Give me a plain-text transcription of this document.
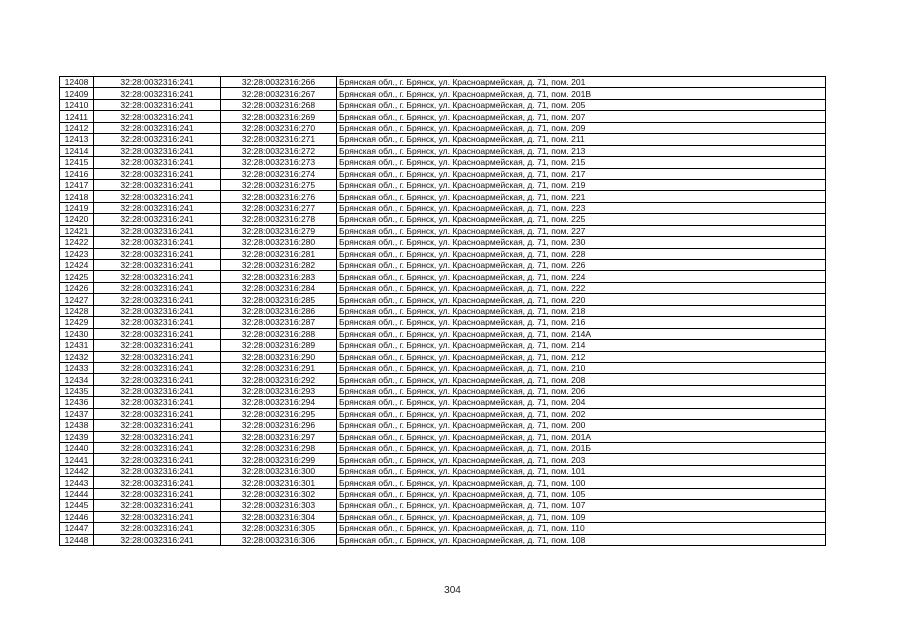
12408	32:28:0032316:241	32:28:0032316:266	Брянская обл., г. Брянск, ул. Красноармейская, д. 71, пом. 201
12409	32:28:0032316:241	32:28:0032316:267	Брянская обл., г. Брянск, ул. Красноармейская, д. 71, пом. 201В
12410	32:28:0032316:241	32:28:0032316:268	Брянская обл., г. Брянск, ул. Красноармейская, д. 71, пом. 205
12411	32:28:0032316:241	32:28:0032316:269	Брянская обл., г. Брянск, ул. Красноармейская, д. 71, пом. 207
12412	32:28:0032316:241	32:28:0032316:270	Брянская обл., г. Брянск, ул. Красноармейская, д. 71, пом. 209
12413	32:28:0032316:241	32:28:0032316:271	Брянская обл., г. Брянск, ул. Красноармейская, д. 71, пом. 211
12414	32:28:0032316:241	32:28:0032316:272	Брянская обл., г. Брянск, ул. Красноармейская, д. 71, пом. 213
12415	32:28:0032316:241	32:28:0032316:273	Брянская обл., г. Брянск, ул. Красноармейская, д. 71, пом. 215
12416	32:28:0032316:241	32:28:0032316:274	Брянская обл., г. Брянск, ул. Красноармейская, д. 71, пом. 217
12417	32:28:0032316:241	32:28:0032316:275	Брянская обл., г. Брянск, ул. Красноармейская, д. 71, пом. 219
12418	32:28:0032316:241	32:28:0032316:276	Брянская обл., г. Брянск, ул. Красноармейская, д. 71, пом. 221
12419	32:28:0032316:241	32:28:0032316:277	Брянская обл., г. Брянск, ул. Красноармейская, д. 71, пом. 223
12420	32:28:0032316:241	32:28:0032316:278	Брянская обл., г. Брянск, ул. Красноармейская, д. 71, пом. 225
12421	32:28:0032316:241	32:28:0032316:279	Брянская обл., г. Брянск, ул. Красноармейская, д. 71, пом. 227
12422	32:28:0032316:241	32:28:0032316:280	Брянская обл., г. Брянск, ул. Красноармейская, д. 71, пом. 230
12423	32:28:0032316:241	32:28:0032316:281	Брянская обл., г. Брянск, ул. Красноармейская, д. 71, пом. 228
12424	32:28:0032316:241	32:28:0032316:282	Брянская обл., г. Брянск, ул. Красноармейская, д. 71, пом. 226
12425	32:28:0032316:241	32:28:0032316:283	Брянская обл., г. Брянск, ул. Красноармейская, д. 71, пом. 224
12426	32:28:0032316:241	32:28:0032316:284	Брянская обл., г. Брянск, ул. Красноармейская, д. 71, пом. 222
12427	32:28:0032316:241	32:28:0032316:285	Брянская обл., г. Брянск, ул. Красноармейская, д. 71, пом. 220
12428	32:28:0032316:241	32:28:0032316:286	Брянская обл., г. Брянск, ул. Красноармейская, д. 71, пом. 218
12429	32:28:0032316:241	32:28:0032316:287	Брянская обл., г. Брянск, ул. Красноармейская, д. 71, пом. 216
12430	32:28:0032316:241	32:28:0032316:288	Брянская обл., г. Брянск, ул. Красноармейская, д. 71, пом. 214А
12431	32:28:0032316:241	32:28:0032316:289	Брянская обл., г. Брянск, ул. Красноармейская, д. 71, пом. 214
12432	32:28:0032316:241	32:28:0032316:290	Брянская обл., г. Брянск, ул. Красноармейская, д. 71, пом. 212
12433	32:28:0032316:241	32:28:0032316:291	Брянская обл., г. Брянск, ул. Красноармейская, д. 71, пом. 210
12434	32:28:0032316:241	32:28:0032316:292	Брянская обл., г. Брянск, ул. Красноармейская, д. 71, пом. 208
12435	32:28:0032316:241	32:28:0032316:293	Брянская обл., г. Брянск, ул. Красноармейская, д. 71, пом. 206
12436	32:28:0032316:241	32:28:0032316:294	Брянская обл., г. Брянск, ул. Красноармейская, д. 71, пом. 204
12437	32:28:0032316:241	32:28:0032316:295	Брянская обл., г. Брянск, ул. Красноармейская, д. 71, пом. 202
12438	32:28:0032316:241	32:28:0032316:296	Брянская обл., г. Брянск, ул. Красноармейская, д. 71, пом. 200
12439	32:28:0032316:241	32:28:0032316:297	Брянская обл., г. Брянск, ул. Красноармейская, д. 71, пом. 201А
12440	32:28:0032316:241	32:28:0032316:298	Брянская обл., г. Брянск, ул. Красноармейская, д. 71, пом. 201Б
12441	32:28:0032316:241	32:28:0032316:299	Брянская обл., г. Брянск, ул. Красноармейская, д. 71, пом. 203
12442	32:28:0032316:241	32:28:0032316:300	Брянская обл., г. Брянск, ул. Красноармейская, д. 71, пом. 101
12443	32:28:0032316:241	32:28:0032316:301	Брянская обл., г. Брянск, ул. Красноармейская, д. 71, пом. 100
12444	32:28:0032316:241	32:28:0032316:302	Брянская обл., г. Брянск, ул. Красноармейская, д. 71, пом. 105
12445	32:28:0032316:241	32:28:0032316:303	Брянская обл., г. Брянск, ул. Красноармейская, д. 71, пом. 107
12446	32:28:0032316:241	32:28:0032316:304	Брянская обл., г. Брянск, ул. Красноармейская, д. 71, пом. 109
12447	32:28:0032316:241	32:28:0032316:305	Брянская обл., г. Брянск, ул. Красноармейская, д. 71, пом. 110
12448	32:28:0032316:241	32:28:0032316:306	Брянская обл., г. Брянск, ул. Красноармейская, д. 71, пом. 108
304
